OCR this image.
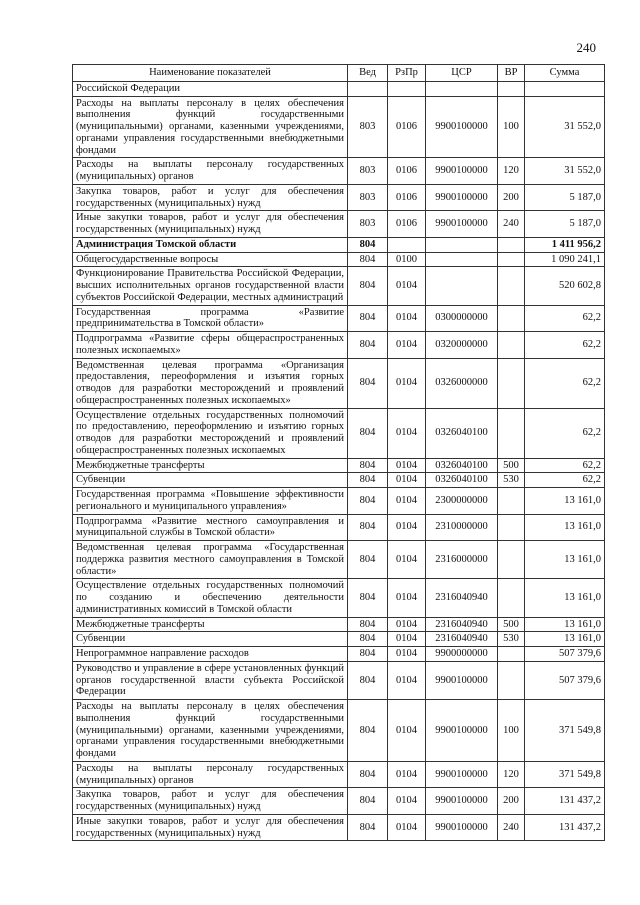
240
Наименование показателей	Вед	РзПр	ЦСР	ВР	Сумма
Российской Федерации					
Расходы на выплаты персоналу в целях обеспечения выполнения функций государственными (муниципальными) органами, казенными учреждениями, органами управления государственными внебюджетными фондами	803	0106	9900100000	100	31 552,0
Расходы на выплаты персоналу государственных (муниципальных) органов	803	0106	9900100000	120	31 552,0
Закупка товаров, работ и услуг для обеспечения государственных (муниципальных) нужд	803	0106	9900100000	200	5 187,0
Иные закупки товаров, работ и услуг для обеспечения государственных (муниципальных) нужд	803	0106	9900100000	240	5 187,0
Администрация Томской области	804				1 411 956,2
Общегосударственные вопросы	804	0100			1 090 241,1
Функционирование Правительства Российской Федерации, высших исполнительных органов государственной власти субъектов Российской Федерации, местных администраций	804	0104			520 602,8
Государственная программа «Развитие предпринимательства в Томской области»	804	0104	0300000000		62,2
Подпрограмма «Развитие сферы общераспространенных полезных ископаемых»	804	0104	0320000000		62,2
Ведомственная целевая программа «Организация предоставления, переоформления и изъятия горных отводов для разработки месторождений и проявлений общераспространенных полезных ископаемых»	804	0104	0326000000		62,2
Осуществление отдельных государственных полномочий по предоставлению, переоформлению и изъятию горных отводов для разработки месторождений и проявлений общераспространенных полезных ископаемых	804	0104	0326040100		62,2
Межбюджетные трансферты	804	0104	0326040100	500	62,2
Субвенции	804	0104	0326040100	530	62,2
Государственная программа «Повышение эффективности регионального и муниципального управления»	804	0104	2300000000		13 161,0
Подпрограмма «Развитие местного самоуправления и муниципальной службы в Томской области»	804	0104	2310000000		13 161,0
Ведомственная целевая программа «Государственная поддержка развития местного самоуправления в Томской области»	804	0104	2316000000		13 161,0
Осуществление отдельных государственных полномочий по созданию и обеспечению деятельности административных комиссий в Томской области	804	0104	2316040940		13 161,0
Межбюджетные трансферты	804	0104	2316040940	500	13 161,0
Субвенции	804	0104	2316040940	530	13 161,0
Непрограммное направление расходов	804	0104	9900000000		507 379,6
Руководство и управление в сфере установленных функций органов государственной власти субъекта Российской Федерации	804	0104	9900100000		507 379,6
Расходы на выплаты персоналу в целях обеспечения выполнения функций государственными (муниципальными) органами, казенными учреждениями, органами управления государственными внебюджетными фондами	804	0104	9900100000	100	371 549,8
Расходы на выплаты персоналу государственных (муниципальных) органов	804	0104	9900100000	120	371 549,8
Закупка товаров, работ и услуг для обеспечения государственных (муниципальных) нужд	804	0104	9900100000	200	131 437,2
Иные закупки товаров, работ и услуг для обеспечения государственных (муниципальных) нужд	804	0104	9900100000	240	131 437,2
